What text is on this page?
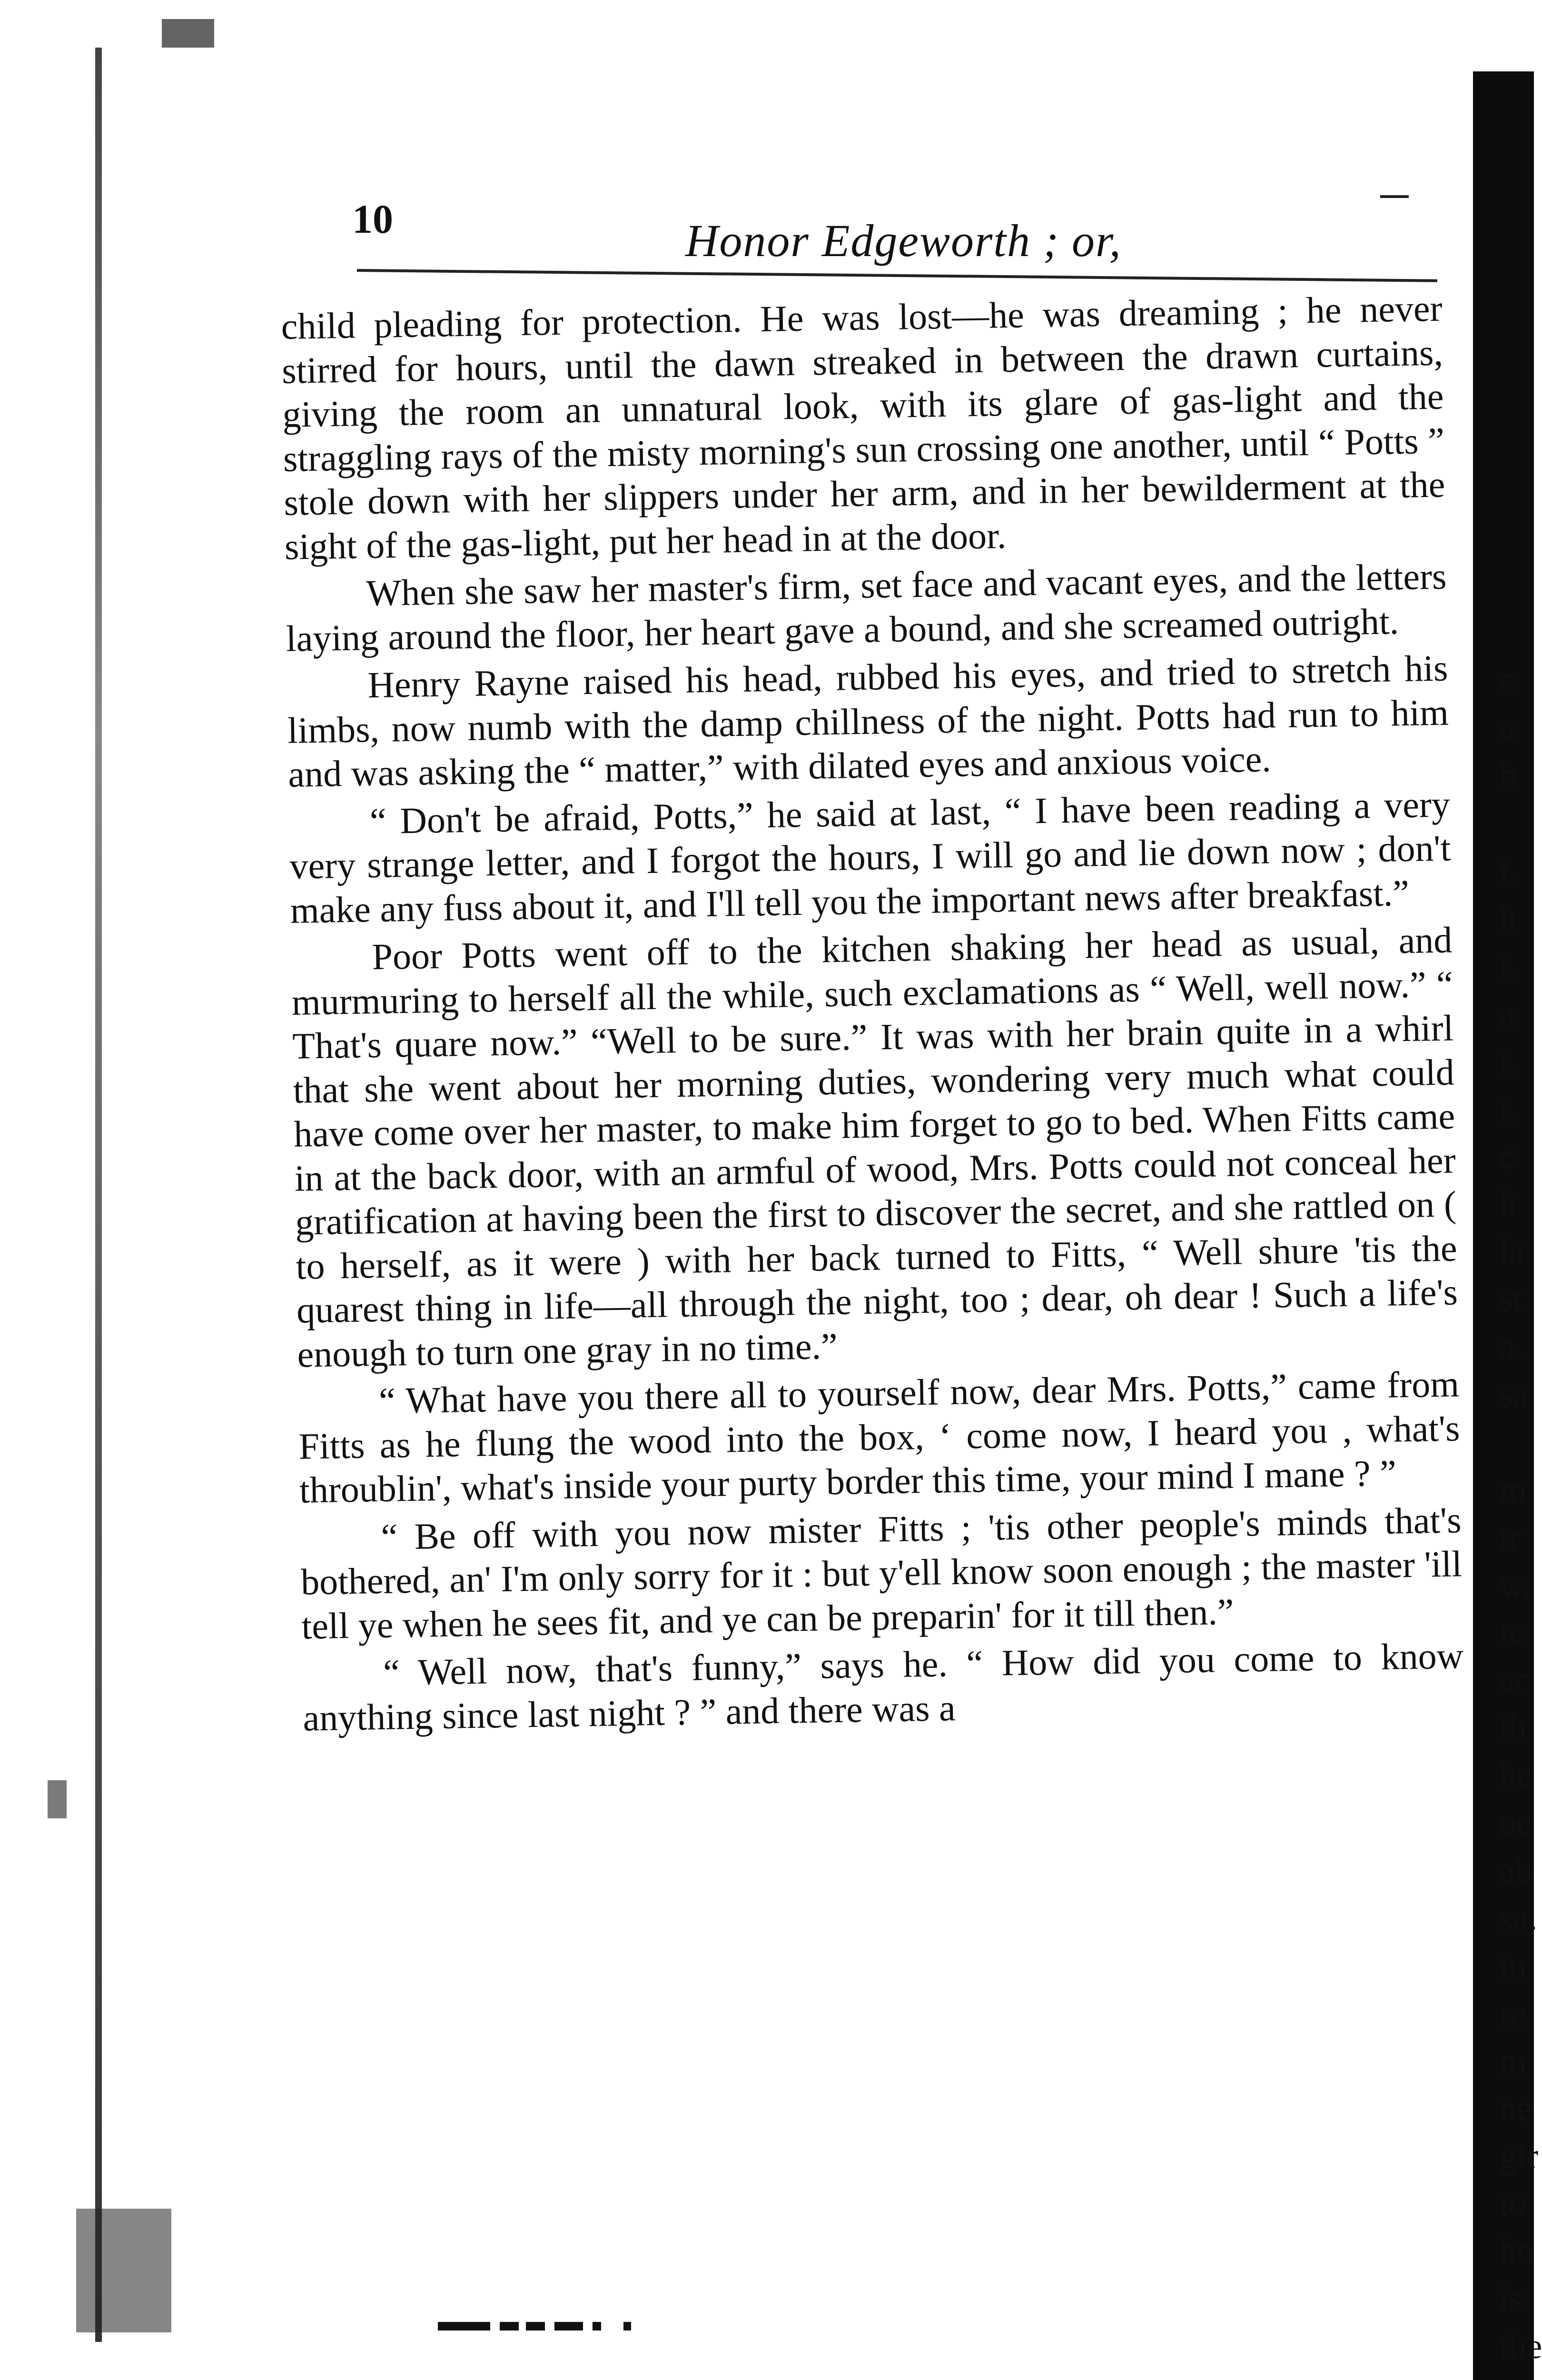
10	Honor Edgeworth ; or,

child pleading for protection. He was lost—he was dreaming ; he never stirred for hours, until the dawn streaked in between the drawn curtains, giving the room an unnatural look, with its glare of gas-light and the straggling rays of the misty morning's sun crossing one another, until “ Potts ” stole down with her slippers under her arm, and in her bewilderment at the sight of the gas-light, put her head in at the door.

When she saw her master's firm, set face and vacant eyes, and the letters laying around the floor, her heart gave a bound, and she screamed outright.

Henry Rayne raised his head, rubbed his eyes, and tried to stretch his limbs, now numb with the damp chillness of the night. Potts had run to him and was asking the “ matter,” with dilated eyes and anxious voice.

“ Don't be afraid, Potts,” he said at last, “ I have been reading a very very strange letter, and I forgot the hours, I will go and lie down now ; don't make any fuss about it, and I'll tell you the important news after breakfast.”

Poor Potts went off to the kitchen shaking her head as usual, and murmuring to herself all the while, such exclamations as “ Well, well now.” “ That's quare now.” “Well to be sure.” It was with her brain quite in a whirl that she went about her morning duties, wondering very much what could have come over her master, to make him forget to go to bed. When Fitts came in at the back door, with an armful of wood, Mrs. Potts could not conceal her gratification at having been the first to discover the secret, and she rattled on ( to herself, as it were ) with her back turned to Fitts, “ Well shure 'tis the quarest thing in life—all through the night, too ; dear, oh dear ! Such a life's enough to turn one gray in no time.”

“ What have you there all to yourself now, dear Mrs. Potts,” came from Fitts as he flung the wood into the box, ‘ come now, I heard you , what's throublin', what's inside your purty border this time, your mind I mane ? ”

“ Be off with you now mister Fitts ; 'tis other people's minds that's bothered, an' I'm only sorry for it : but y'ell know soon enough ; the master 'ill tell ye when he sees fit, and ye can be preparin' for it till then.”

“ Well now, that's funny,” says he. “ How did you come to know anything since last night ? ” and there was a

c
a
b
i.
h
t.
a
t.
t.
c
h
la
st
a.
sa
m
tr
w.
tc
ac
th
hc
oc
ab
sa.
in
re
m
ne
gir
to
ho
is
the
